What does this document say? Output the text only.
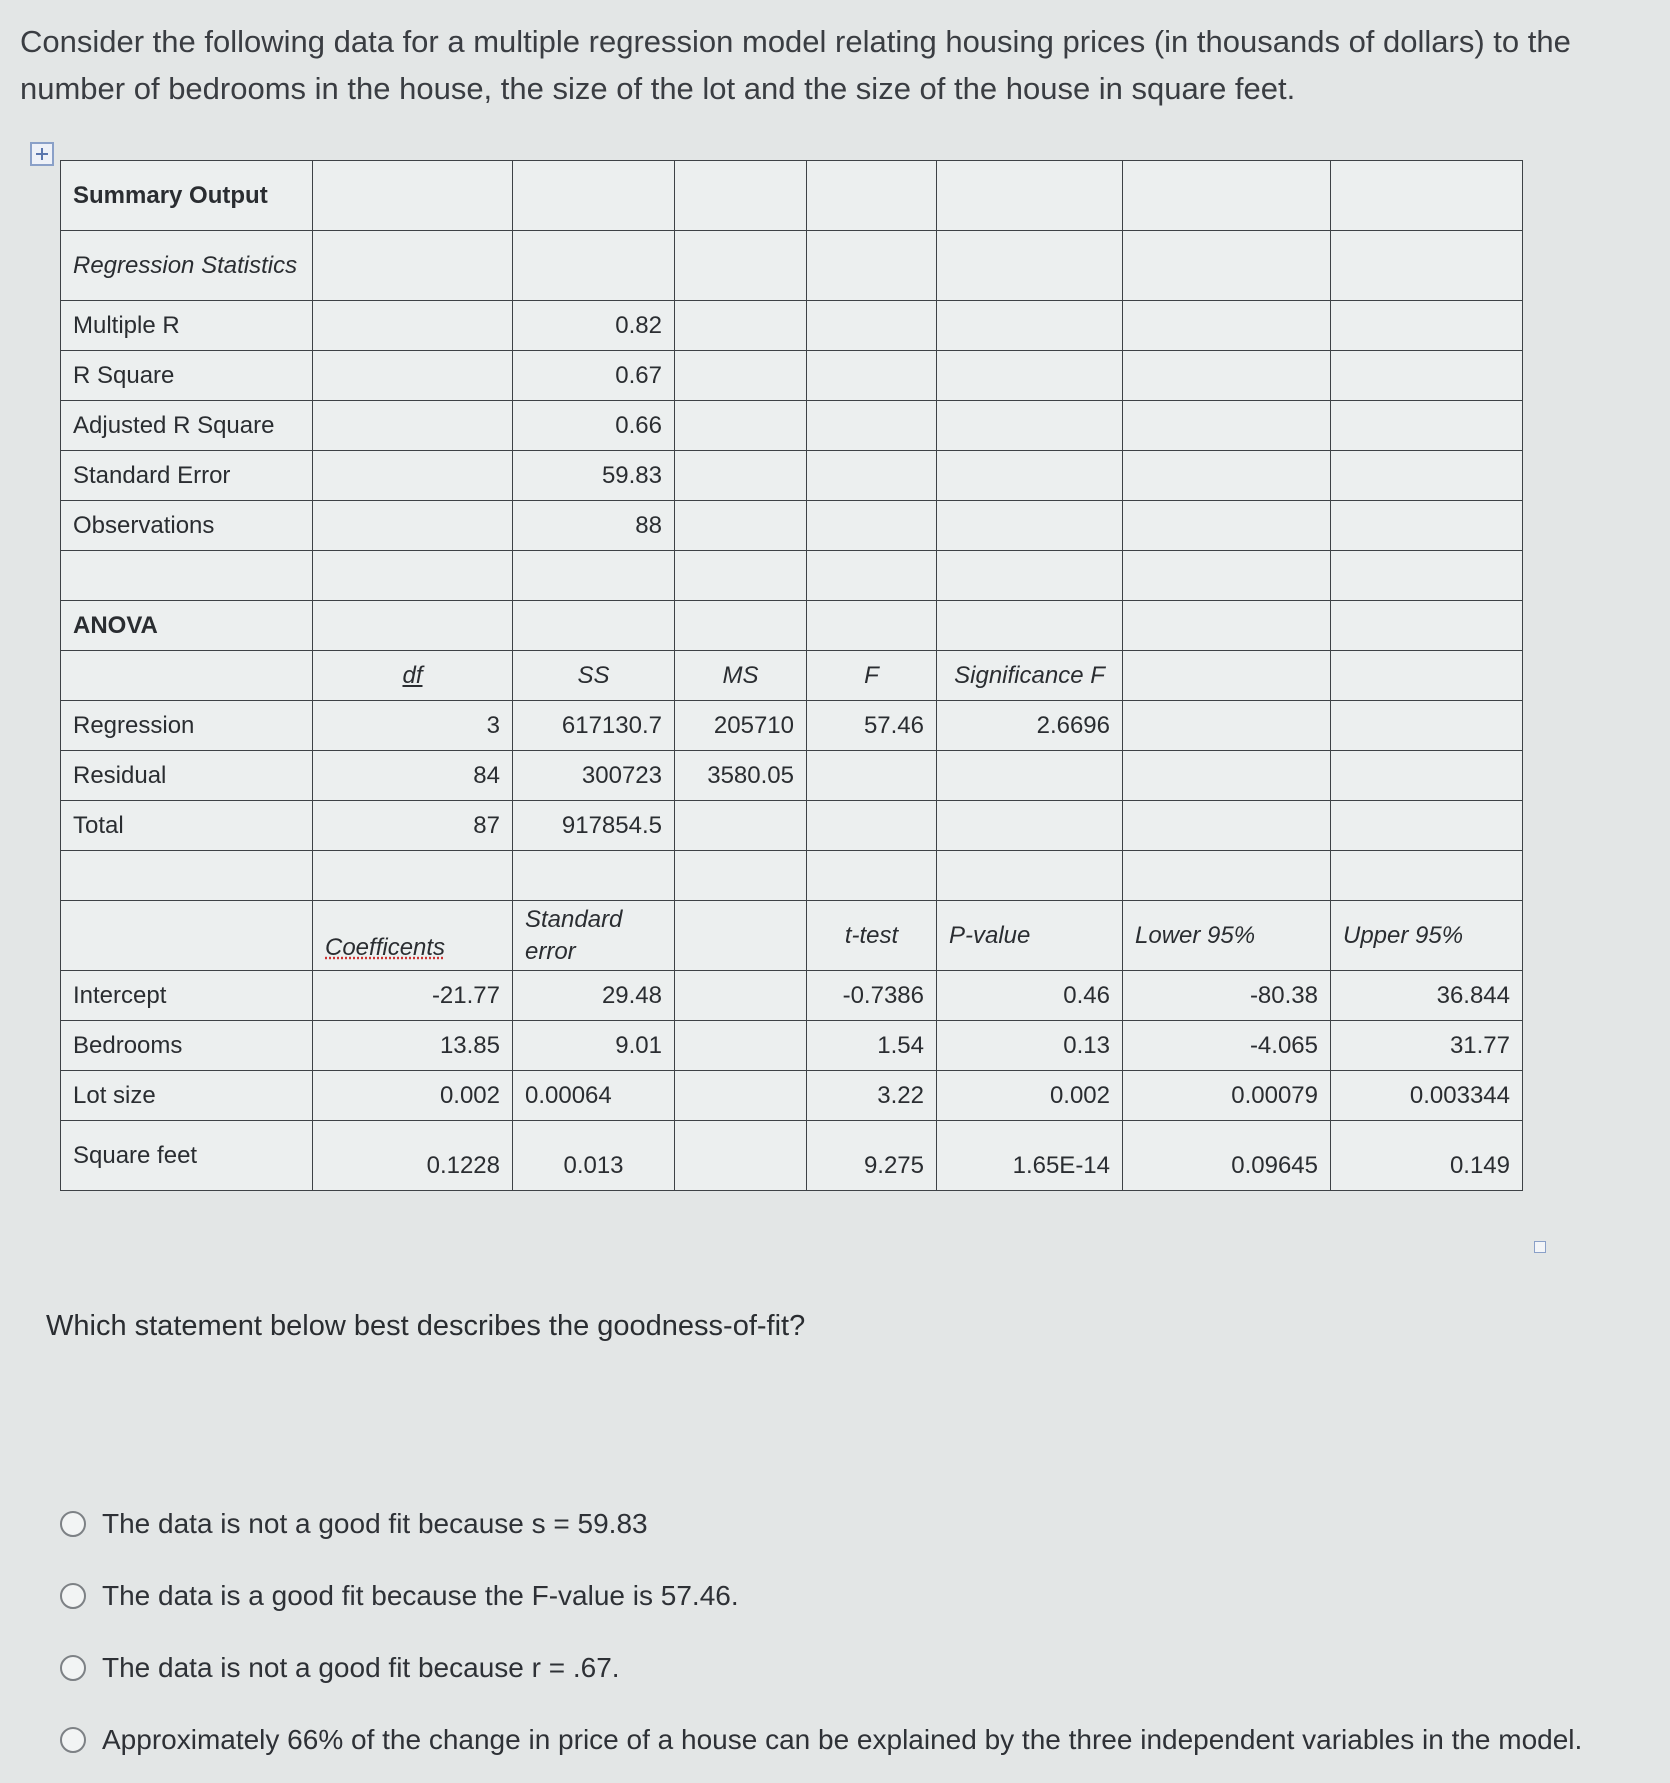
Consider the following data for a multiple regression model relating housing prices (in thousands of dollars) to the number of bedrooms in the house, the size of the lot and the size of the house in square feet.
Summary Output							
Regression Statistics							
Multiple R		0.82					
R Square		0.67					
Adjusted R Square		0.66					
Standard Error		59.83					
Observations		88					

ANOVA							
	df	SS	MS	F	Significance F		
Regression	3	617130.7	205710	57.46	2.6696		
Residual	84	300723	3580.05				
Total	87	917854.5					

	Coefficents	Standard error		t-test	P-value	Lower 95%	Upper 95%
Intercept	-21.77	29.48		-0.7386	0.46	-80.38	36.844
Bedrooms	13.85	9.01		1.54	0.13	-4.065	31.77
Lot size	0.002	0.00064		3.22	0.002	0.00079	0.003344
Square feet	0.1228	0.013		9.275	1.65E-14	0.09645	0.149
Which statement below best describes the goodness-of-fit?
The data is not a good fit because s = 59.83
The data is a good fit because the F-value is 57.46.
The data is not a good fit because r = .67.
Approximately 66% of the change in price of a house can be explained by the three independent variables in the model.
